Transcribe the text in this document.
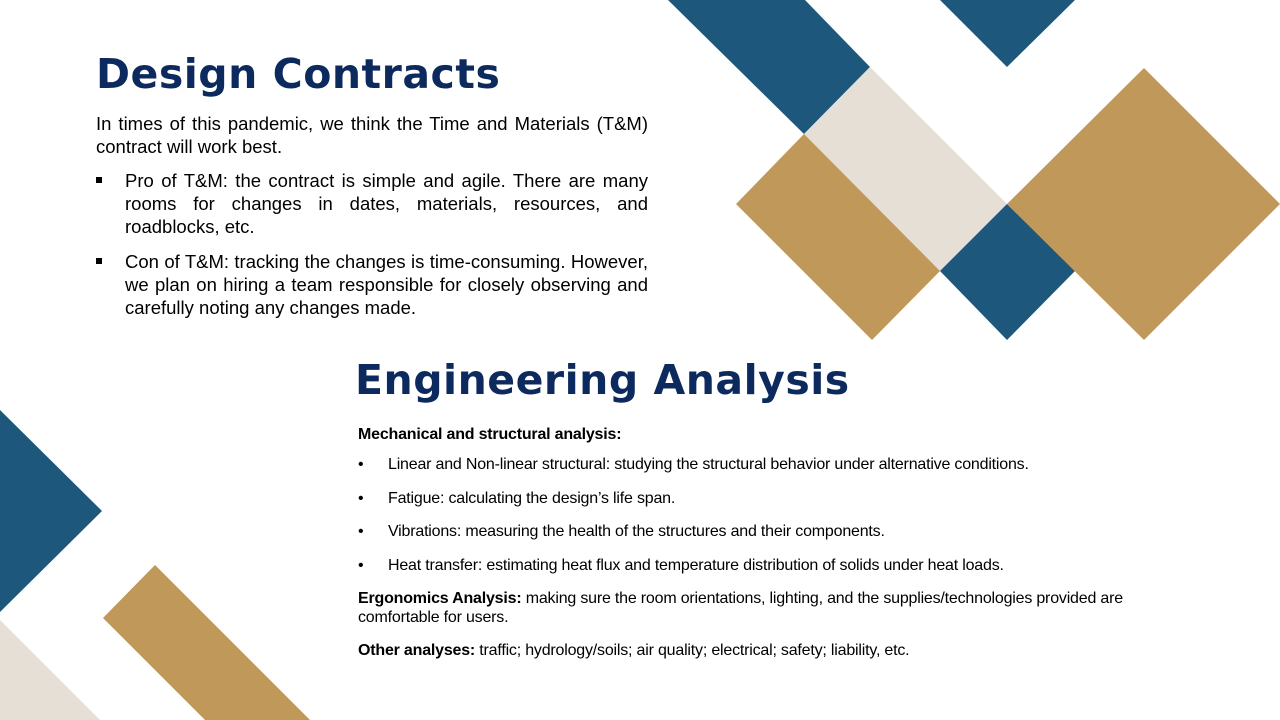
Design Contracts

In times of this pandemic, we think the Time and Materials (T&M) contract will work best.

Pro of T&M: the contract is simple and agile. There are many rooms for changes in dates, materials, resources, and roadblocks, etc.
Con of T&M: tracking the changes is time-consuming. However, we plan on hiring a team responsible for closely observing and carefully noting any changes made.
Engineering Analysis
Mechanical and structural analysis:
• Linear and Non-linear structural: studying the structural behavior under alternative conditions.
• Fatigue: calculating the design’s life span.
• Vibrations: measuring the health of the structures and their components.
• Heat transfer: estimating heat flux and temperature distribution of solids under heat loads.

Ergonomics Analysis: making sure the room orientations, lighting, and the supplies/technologies provided are comfortable for users.

Other analyses: traffic; hydrology/soils; air quality; electrical; safety; liability, etc.
